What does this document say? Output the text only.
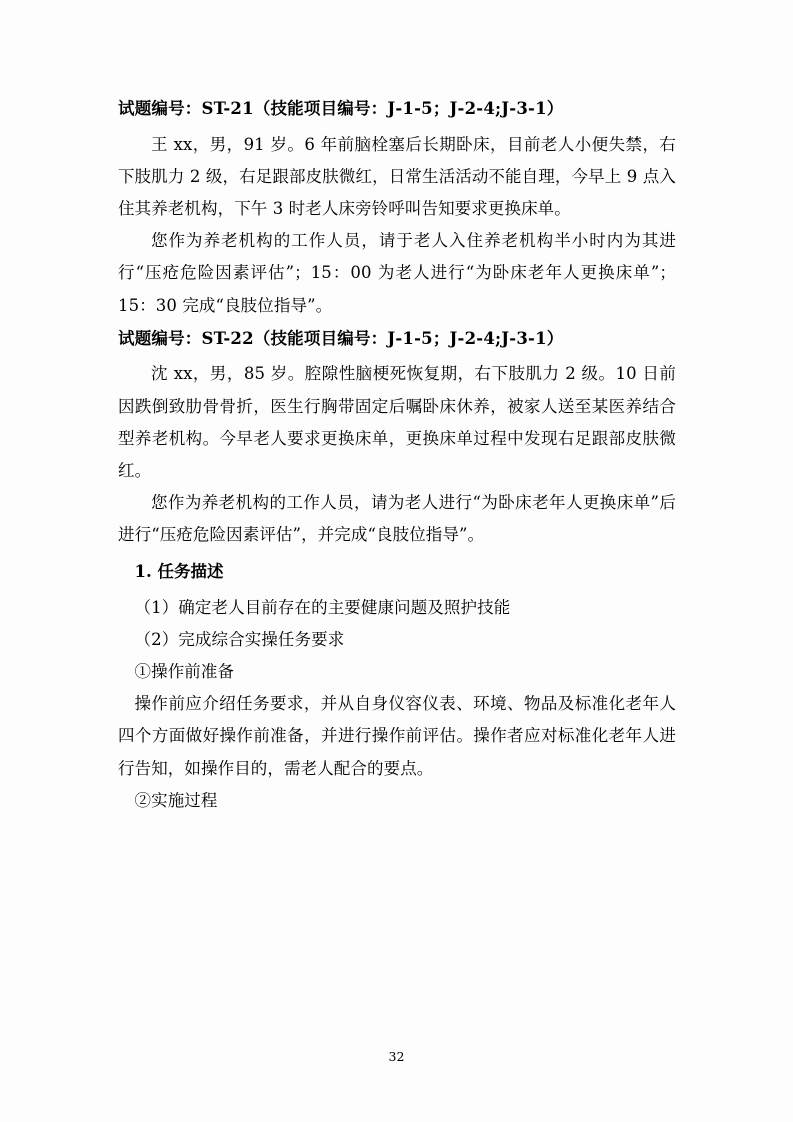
试题编号：ST-21（技能项目编号：J-1-5；J-2-4;J-3-1）

王 xx，男，91 岁。6 年前脑栓塞后长期卧床，目前老人小便失禁，右下肢肌力 2 级，右足跟部皮肤微红，日常生活活动不能自理，今早上 9 点入住其养老机构，下午 3 时老人床旁铃呼叫告知要求更换床单。

您作为养老机构的工作人员，请于老人入住养老机构半小时内为其进行“压疮危险因素评估”；15：00 为老人进行“为卧床老年人更换床单”；15：30 完成“良肢位指导”。

试题编号：ST-22（技能项目编号：J-1-5；J-2-4;J-3-1）

沈 xx，男，85 岁。腔隙性脑梗死恢复期，右下肢肌力 2 级。10 日前因跌倒致肋骨骨折，医生行胸带固定后嘱卧床休养，被家人送至某医养结合型养老机构。今早老人要求更换床单，更换床单过程中发现右足跟部皮肤微红。

您作为养老机构的工作人员，请为老人进行“为卧床老年人更换床单”后进行“压疮危险因素评估”，并完成“良肢位指导”。

1. 任务描述

（1）确定老人目前存在的主要健康问题及照护技能

（2）完成综合实操任务要求

①操作前准备

操作前应介绍任务要求，并从自身仪容仪表、环境、物品及标准化老年人四个方面做好操作前准备，并进行操作前评估。操作者应对标准化老年人进行告知，如操作目的，需老人配合的要点。

②实施过程

32
